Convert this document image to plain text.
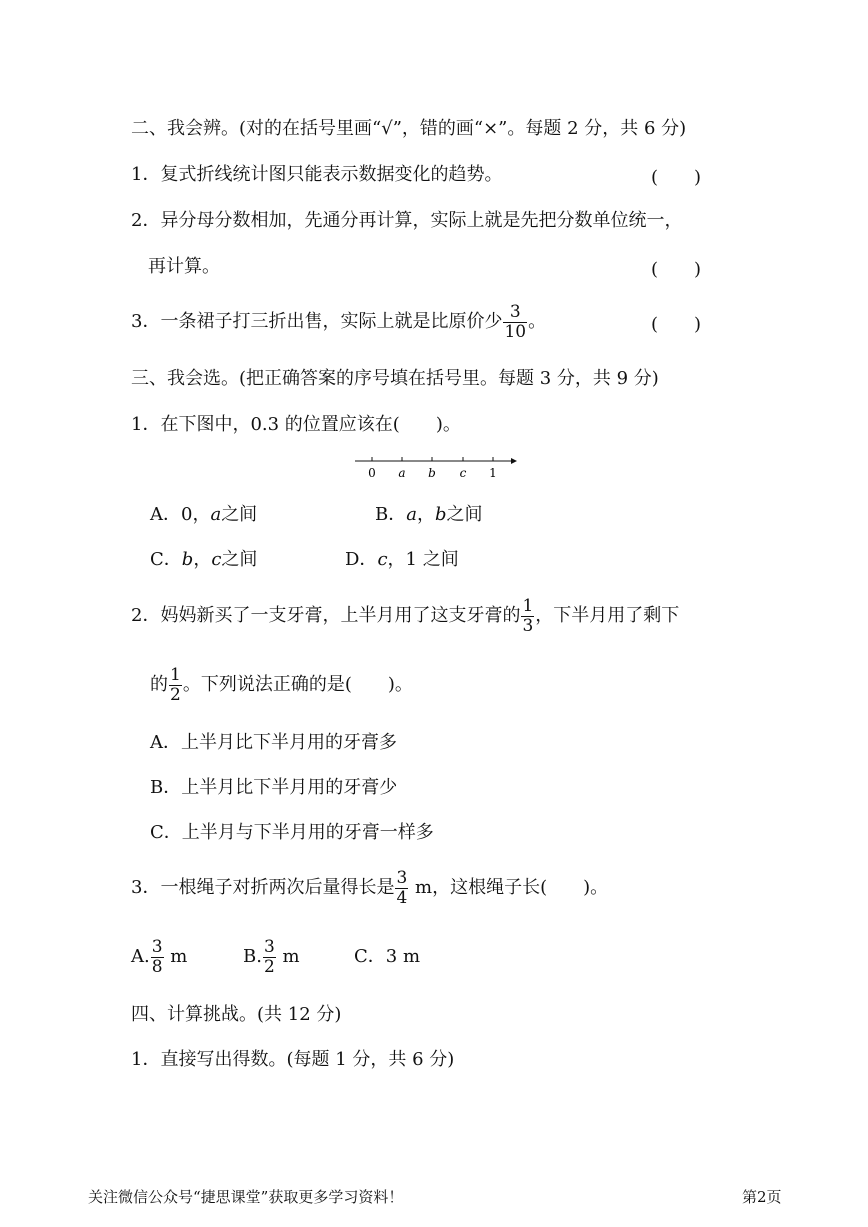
二、我会辨。(对的在括号里画“√”，错的画“×”。每题 2 分，共 6 分)
1．复式折线统计图只能表示数据变化的趋势。	(　　)
2．异分母分数相加，先通分再计算，实际上就是先把分数单位统一，
再计算。	(　　)
3．一条裙子打三折出售，实际上就是比原价少 $\frac{3}{10}$ 。	(　　)
三、我会选。(把正确答案的序号填在括号里。每题 3 分，共 9 分)
1．在下图中，0.3 的位置应该在(　　)。
0 a b c 1
A．0，a之间	B．a，b之间
C．b，c之间	D．c，1 之间
2．妈妈新买了一支牙膏，上半月用了这支牙膏的 $\frac{1}{3}$ ，下半月用了剩下
的 $\frac{1}{2}$ 。下列说法正确的是(　　)。
A．上半月比下半月用的牙膏多
B．上半月比下半月用的牙膏少
C．上半月与下半月用的牙膏一样多
3．一根绳子对折两次后量得长是 $\frac{3}{4}$ m，这根绳子长(　　)。
A. $\frac{3}{8}$ m	B. $\frac{3}{2}$ m	C．3 m
四、计算挑战。(共 12 分)
1．直接写出得数。(每题 1 分，共 6 分)
关注微信公众号“捷思课堂”获取更多学习资料！	第2页
